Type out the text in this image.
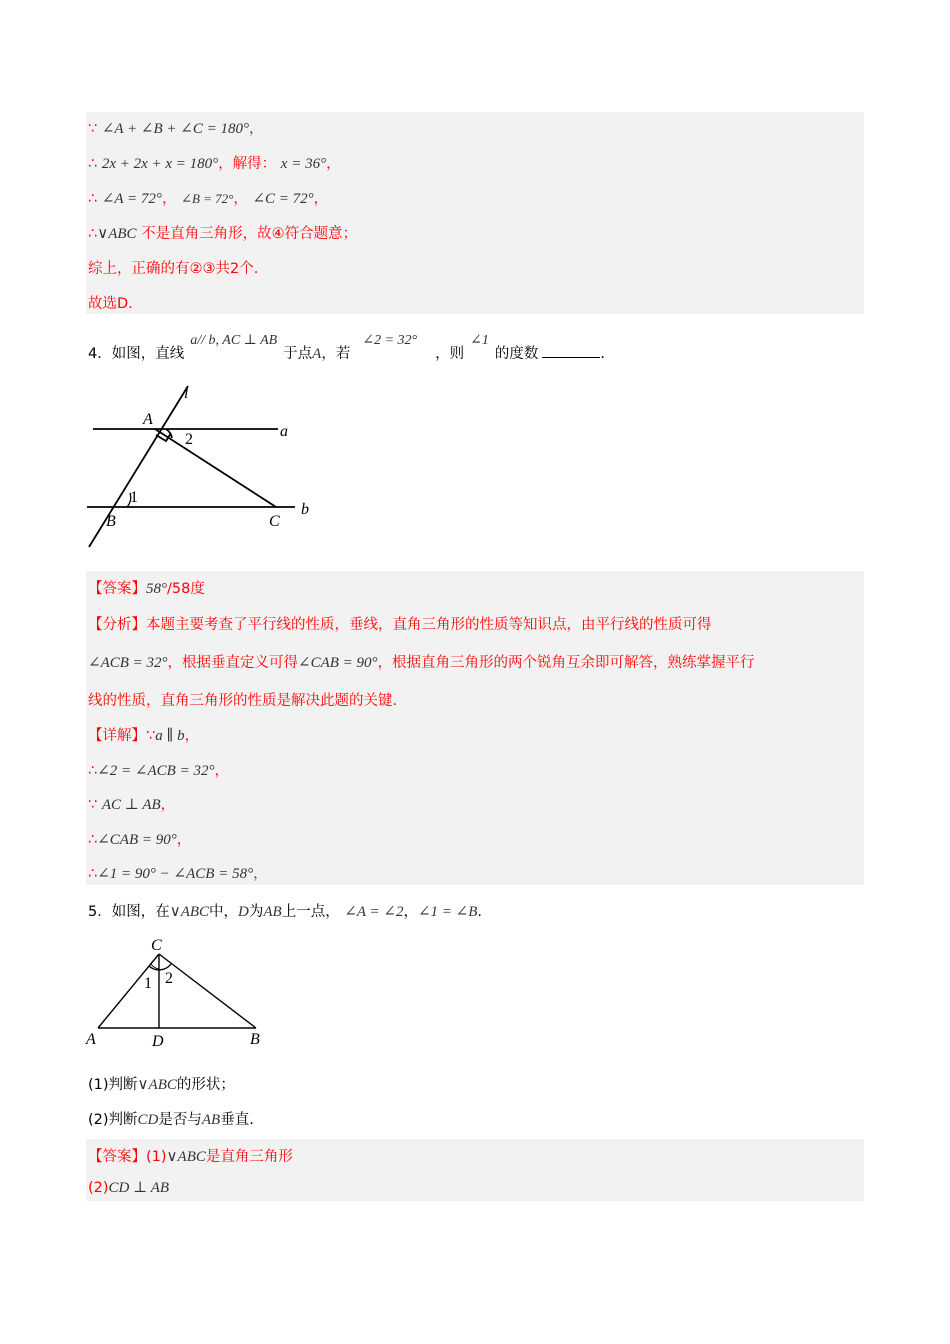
∵ ∠A + ∠B + ∠C = 180°，
∴ 2x + 2x + x = 180°，解得： x = 36°，
∴ ∠A = 72°， ∠B = 72°， ∠C = 72°，
∴∨ABC 不是直角三角形，故④符合题意；
综上，正确的有②③共2个.
故选D.
4．如图，直线a// b, AC ⊥ AB于点A，若∠2 = 32°，则∠1的度数	.
l
A
a
2
1
B	C
b
【答案】58°/58度
【分析】本题主要考查了平行线的性质，垂线，直角三角形的性质等知识点，由平行线的性质可得
∠ACB = 32°，根据垂直定义可得∠CAB = 90°，根据直角三角形的两个锐角互余即可解答，熟练掌握平行
线的性质，直角三角形的性质是解决此题的关键.
【详解】∵a ∥ b，
∴∠2 = ∠ACB = 32°，
∵ AC ⊥ AB，
∴∠CAB = 90°，
∴∠1 = 90° − ∠ACB = 58°，
5．如图，在∨ABC中，D为AB上一点， ∠A = ∠2，∠1 = ∠B.
C
1 2
A	D	B
(1)判断∨ABC的形状；
(2)判断CD是否与AB垂直.
【答案】(1)∨ABC是直角三角形
(2)CD ⊥ AB
